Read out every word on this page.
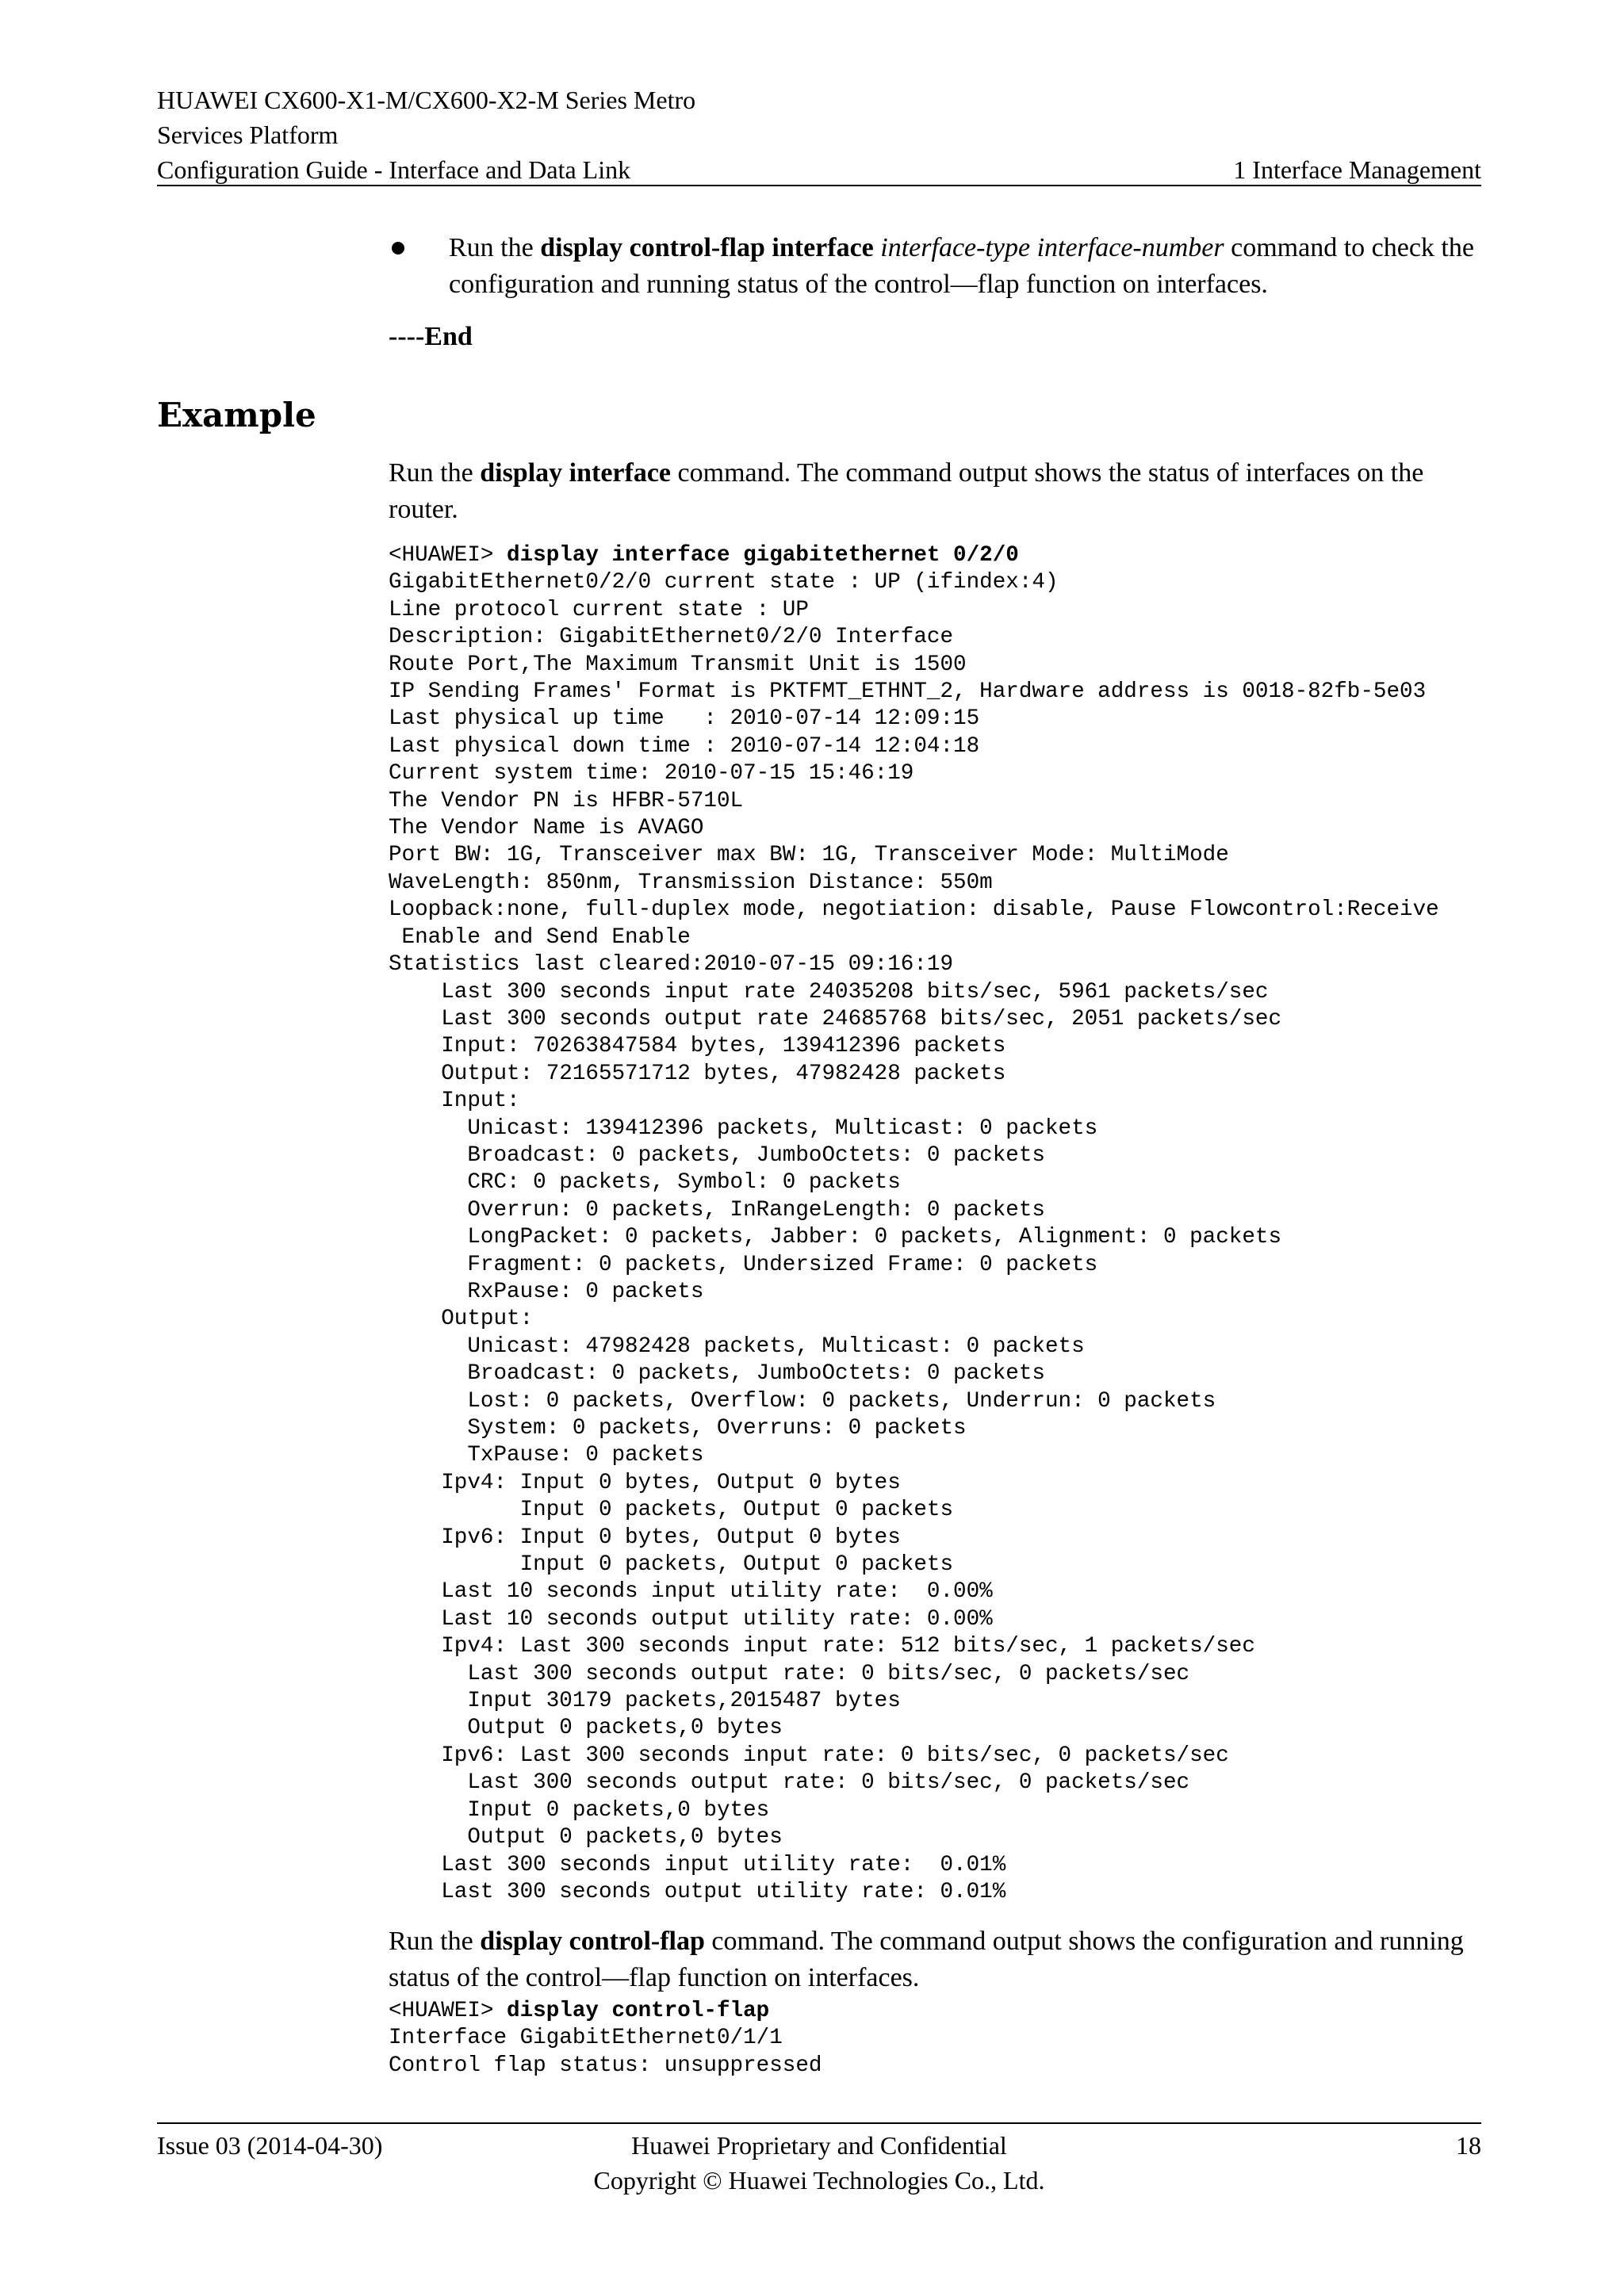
HUAWEI CX600-X1-M/CX600-X2-M Series Metro
Services Platform
Configuration Guide - Interface and Data Link	1 Interface Management
Run the display control-flap interface interface-type interface-number command to check the configuration and running status of the control—flap function on interfaces.
----End
Example
Run the display interface command. The command output shows the status of interfaces on the router.
<HUAWEI> display interface gigabitethernet 0/2/0
GigabitEthernet0/2/0 current state : UP (ifindex:4)
Line protocol current state : UP
Description: GigabitEthernet0/2/0 Interface
Route Port,The Maximum Transmit Unit is 1500
IP Sending Frames' Format is PKTFMT_ETHNT_2, Hardware address is 0018-82fb-5e03
Last physical up time   : 2010-07-14 12:09:15
Last physical down time : 2010-07-14 12:04:18
Current system time: 2010-07-15 15:46:19
The Vendor PN is HFBR-5710L
The Vendor Name is AVAGO
Port BW: 1G, Transceiver max BW: 1G, Transceiver Mode: MultiMode
WaveLength: 850nm, Transmission Distance: 550m
Loopback:none, full-duplex mode, negotiation: disable, Pause Flowcontrol:Receive
Enable and Send Enable
Statistics last cleared:2010-07-15 09:16:19
Last 300 seconds input rate 24035208 bits/sec, 5961 packets/sec
Last 300 seconds output rate 24685768 bits/sec, 2051 packets/sec
Input: 70263847584 bytes, 139412396 packets
Output: 72165571712 bytes, 47982428 packets
Input:
Unicast: 139412396 packets, Multicast: 0 packets
Broadcast: 0 packets, JumboOctets: 0 packets
CRC: 0 packets, Symbol: 0 packets
Overrun: 0 packets, InRangeLength: 0 packets
LongPacket: 0 packets, Jabber: 0 packets, Alignment: 0 packets
Fragment: 0 packets, Undersized Frame: 0 packets
RxPause: 0 packets
Output:
Unicast: 47982428 packets, Multicast: 0 packets
Broadcast: 0 packets, JumboOctets: 0 packets
Lost: 0 packets, Overflow: 0 packets, Underrun: 0 packets
System: 0 packets, Overruns: 0 packets
TxPause: 0 packets
Ipv4: Input 0 bytes, Output 0 bytes
Input 0 packets, Output 0 packets
Ipv6: Input 0 bytes, Output 0 bytes
Input 0 packets, Output 0 packets
Last 10 seconds input utility rate:  0.00%
Last 10 seconds output utility rate: 0.00%
Ipv4: Last 300 seconds input rate: 512 bits/sec, 1 packets/sec
Last 300 seconds output rate: 0 bits/sec, 0 packets/sec
Input 30179 packets,2015487 bytes
Output 0 packets,0 bytes
Ipv6: Last 300 seconds input rate: 0 bits/sec, 0 packets/sec
Last 300 seconds output rate: 0 bits/sec, 0 packets/sec
Input 0 packets,0 bytes
Output 0 packets,0 bytes
Last 300 seconds input utility rate:  0.01%
Last 300 seconds output utility rate: 0.01%
Run the display control-flap command. The command output shows the configuration and running status of the control—flap function on interfaces.
<HUAWEI> display control-flap
Interface GigabitEthernet0/1/1
Control flap status: unsuppressed
Issue 03 (2014-04-30)	Huawei Proprietary and Confidential	18
Copyright © Huawei Technologies Co., Ltd.
